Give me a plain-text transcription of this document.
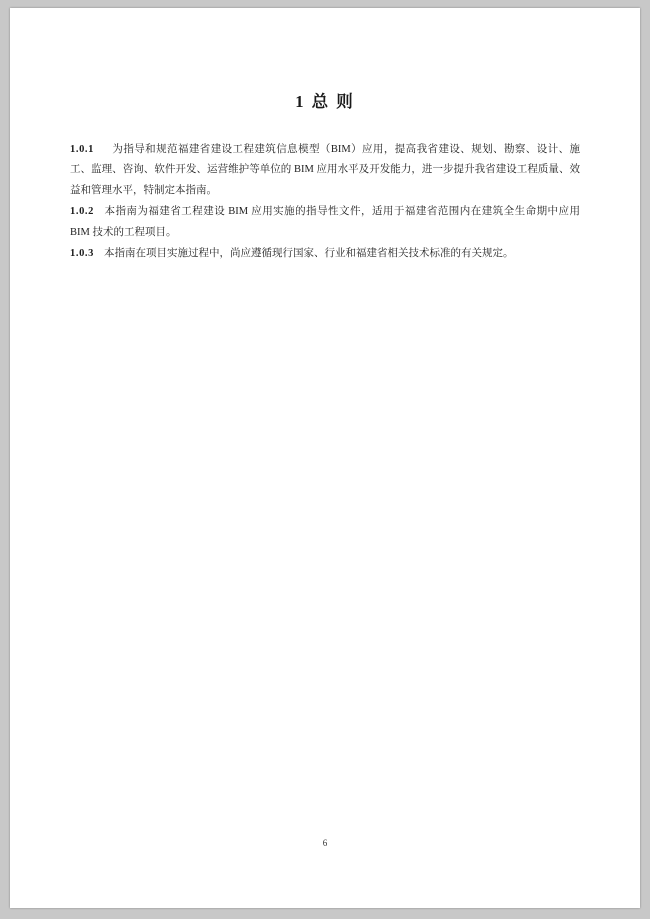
1 总 则

1.0.1 为指导和规范福建省建设工程建筑信息模型（BIM）应用，提高我省建设、规划、勘察、设计、施工、监理、咨询、软件开发、运营维护等单位的 BIM 应用水平及开发能力，进一步提升我省建设工程质量、效益和管理水平，特制定本指南。

1.0.2 本指南为福建省工程建设 BIM 应用实施的指导性文件，适用于福建省范围内在建筑全生命期中应用 BIM 技术的工程项目。

1.0.3 本指南在项目实施过程中，尚应遵循现行国家、行业和福建省相关技术标准的有关规定。

6
